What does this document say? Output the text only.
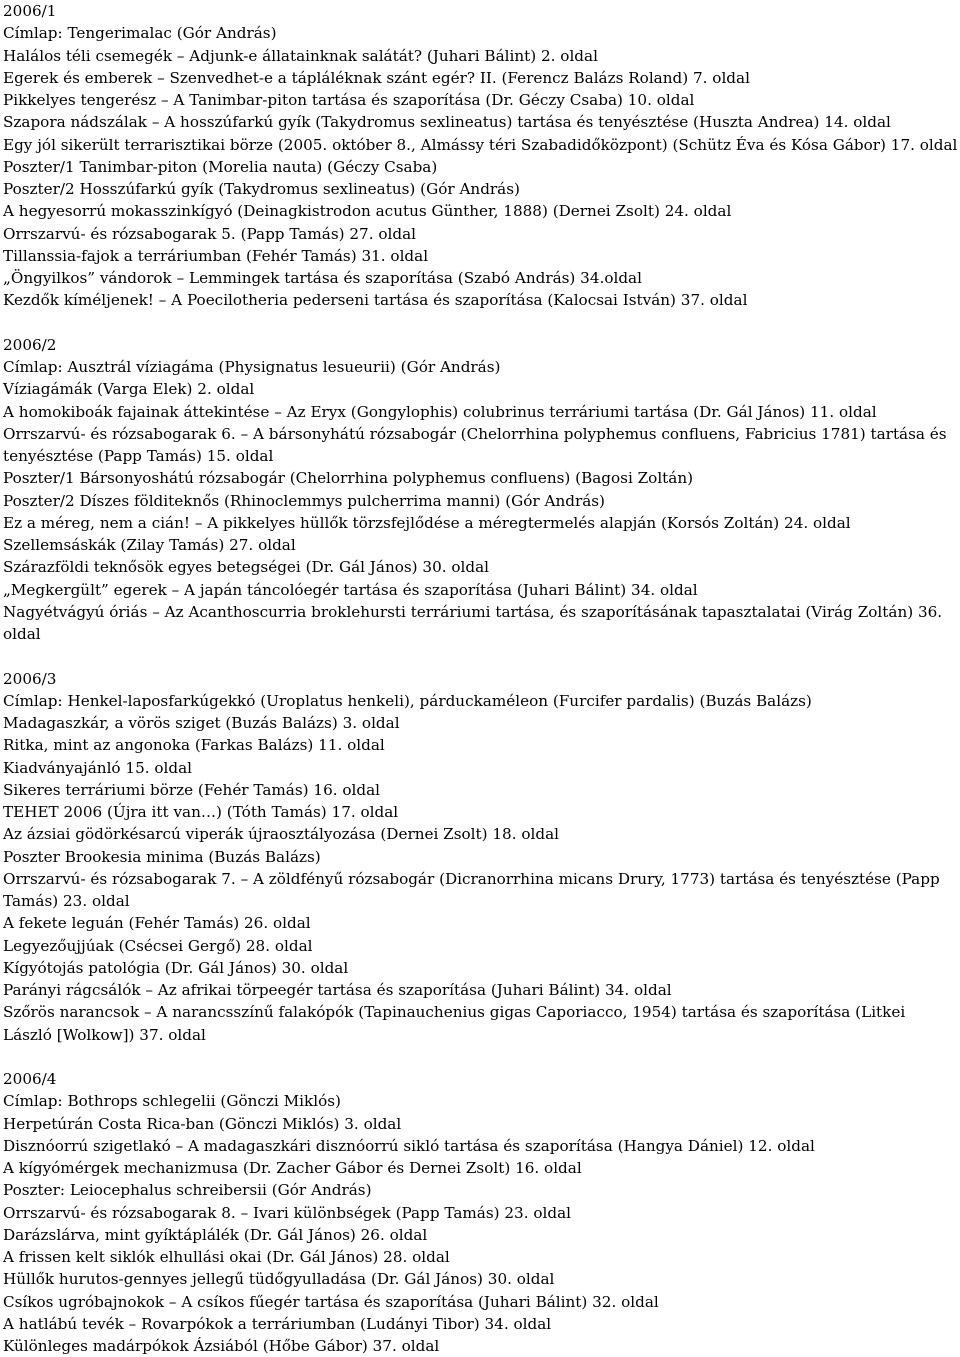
2006/1
Címlap: Tengerimalac (Gór András)
Halálos téli csemegék – Adjunk-e állatainknak salátát? (Juhari Bálint) 2. oldal
Egerek és emberek – Szenvedhet-e a tápláléknak szánt egér? II. (Ferencz Balázs Roland) 7. oldal
Pikkelyes tengerész – A Tanimbar-piton tartása és szaporítása (Dr. Géczy Csaba) 10. oldal
Szapora nádszálak – A hosszúfarkú gyík (Takydromus sexlineatus) tartása és tenyésztése (Huszta Andrea) 14. oldal
Egy jól sikerült terrarisztikai börze (2005. október 8., Almássy téri Szabadidőközpont) (Schütz Éva és Kósa Gábor) 17. oldal
Poszter/1 Tanimbar-piton (Morelia nauta) (Géczy Csaba)
Poszter/2 Hosszúfarkú gyík (Takydromus sexlineatus) (Gór András)
A hegyesorrú mokasszinkígyó (Deinagkistrodon acutus Günther, 1888) (Dernei Zsolt) 24. oldal
Orrszarvú- és rózsabogarak 5. (Papp Tamás) 27. oldal
Tillanssia-fajok a terráriumban (Fehér Tamás) 31. oldal
„Öngyilkos” vándorok – Lemmingek tartása és szaporítása (Szabó András) 34.oldal
Kezdők kíméljenek! – A Poecilotheria pederseni tartása és szaporítása (Kalocsai István) 37. oldal
2006/2
Címlap: Ausztrál víziagáma (Physignatus lesueurii) (Gór András)
Víziagámák (Varga Elek) 2. oldal
A homokiboák fajainak áttekintése – Az Eryx (Gongylophis) colubrinus terráriumi tartása (Dr. Gál János) 11. oldal
Orrszarvú- és rózsabogarak 6. – A bársonyhátú rózsabogár (Chelorrhina polyphemus confluens, Fabricius 1781) tartása és tenyésztése (Papp Tamás) 15. oldal
Poszter/1 Bársonyoshátú rózsabogár (Chelorrhina polyphemus confluens) (Bagosi Zoltán)
Poszter/2 Díszes földiteknős (Rhinoclemmys pulcherrima manni) (Gór András)
Ez a méreg, nem a cián! – A pikkelyes hüllők törzsfejlődése a méregtermelés alapján (Korsós Zoltán) 24. oldal
Szellemsáskák (Zilay Tamás) 27. oldal
Szárazföldi teknősök egyes betegségei (Dr. Gál János) 30. oldal
„Megkergült” egerek – A japán táncolóegér tartása és szaporítása (Juhari Bálint) 34. oldal
Nagyétvágyú óriás – Az Acanthoscurria broklehursti terráriumi tartása, és szaporításának tapasztalatai (Virág Zoltán) 36. oldal
2006/3
Címlap: Henkel-laposfarkúgekkó (Uroplatus henkeli), párduckaméleon (Furcifer pardalis) (Buzás Balázs)
Madagaszkár, a vörös sziget (Buzás Balázs) 3. oldal
Ritka, mint az angonoka (Farkas Balázs) 11. oldal
Kiadványajánló 15. oldal
Sikeres terráriumi börze (Fehér Tamás) 16. oldal
TEHET 2006 (Újra itt van…) (Tóth Tamás) 17. oldal
Az ázsiai gödörkésarcú viperák újraosztályozása (Dernei Zsolt) 18. oldal
Poszter Brookesia minima (Buzás Balázs)
Orrszarvú- és rózsabogarak 7. – A zöldfényű rózsabogár (Dicranorrhina micans Drury, 1773) tartása és tenyésztése (Papp Tamás) 23. oldal
A fekete leguán (Fehér Tamás) 26. oldal
Legyezőujjúak (Csécsei Gergő) 28. oldal
Kígyótojás patológia (Dr. Gál János) 30. oldal
Parányi rágcsálók – Az afrikai törpeegér tartása és szaporítása (Juhari Bálint) 34. oldal
Szőrös narancsok – A narancsszínű falakópók (Tapinauchenius gigas Caporiacco, 1954) tartása és szaporítása (Litkei László [Wolkow]) 37. oldal
2006/4
Címlap: Bothrops schlegelii (Gönczi Miklós)
Herpetúrán Costa Rica-ban (Gönczi Miklós) 3. oldal
Disznóorrú szigetlakó – A madagaszkári disznóorrú sikló tartása és szaporítása (Hangya Dániel) 12. oldal
A kígyómérgek mechanizmusa (Dr. Zacher Gábor és Dernei Zsolt) 16. oldal
Poszter: Leiocephalus schreibersii (Gór András)
Orrszarvú- és rózsabogarak 8. – Ivari különbségek (Papp Tamás) 23. oldal
Darázslárva, mint gyíktáplálék (Dr. Gál János) 26. oldal
A frissen kelt siklók elhullási okai (Dr. Gál János) 28. oldal
Hüllők hurutos-gennyes jellegű tüdőgyulladása (Dr. Gál János) 30. oldal
Csíkos ugróbajnokok – A csíkos fűegér tartása és szaporítása (Juhari Bálint) 32. oldal
A hatlábú tevék – Rovarpókok a terráriumban (Ludányi Tibor) 34. oldal
Különleges madárpókok Ázsiából (Hőbe Gábor) 37. oldal
